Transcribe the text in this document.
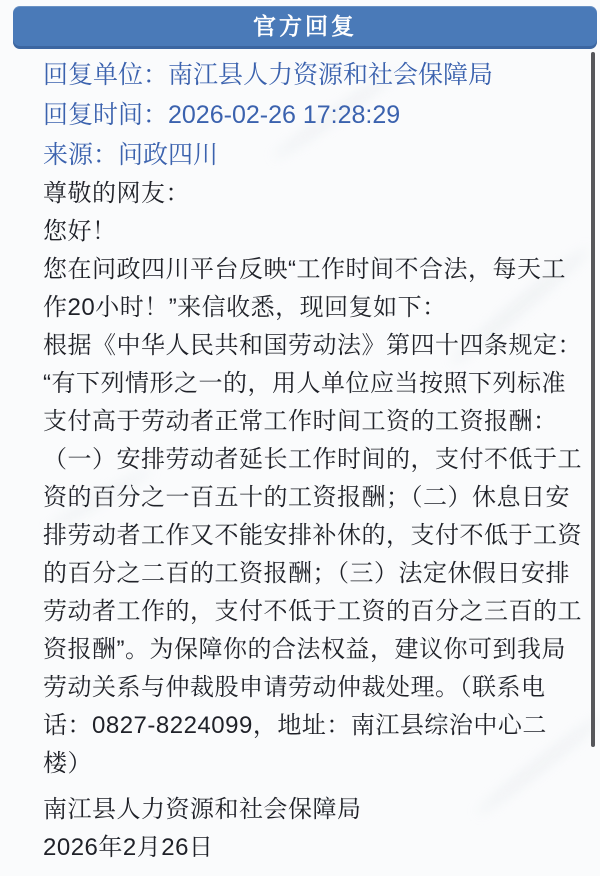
官方回复
回复单位：南江县人力资源和社会保障局
回复时间：2026-02-26 17:28:29
来源：问政四川
尊敬的网友：
您好！
您在问政四川平台反映“工作时间不合法，每天工
作20小时！”来信收悉，现回复如下：
根据《中华人民共和国劳动法》第四十四条规定：
“有下列情形之一的，用人单位应当按照下列标准
支付高于劳动者正常工作时间工资的工资报酬：
（一）安排劳动者延长工作时间的，支付不低于工
资的百分之一百五十的工资报酬；（二）休息日安
排劳动者工作又不能安排补休的，支付不低于工资
的百分之二百的工资报酬；（三）法定休假日安排
劳动者工作的，支付不低于工资的百分之三百的工
资报酬”。为保障你的合法权益，建议你可到我局
劳动关系与仲裁股申请劳动仲裁处理。（联系电
话：0827-8224099，地址：南江县综治中心二
楼）
南江县人力资源和社会保障局
2026年2月26日
